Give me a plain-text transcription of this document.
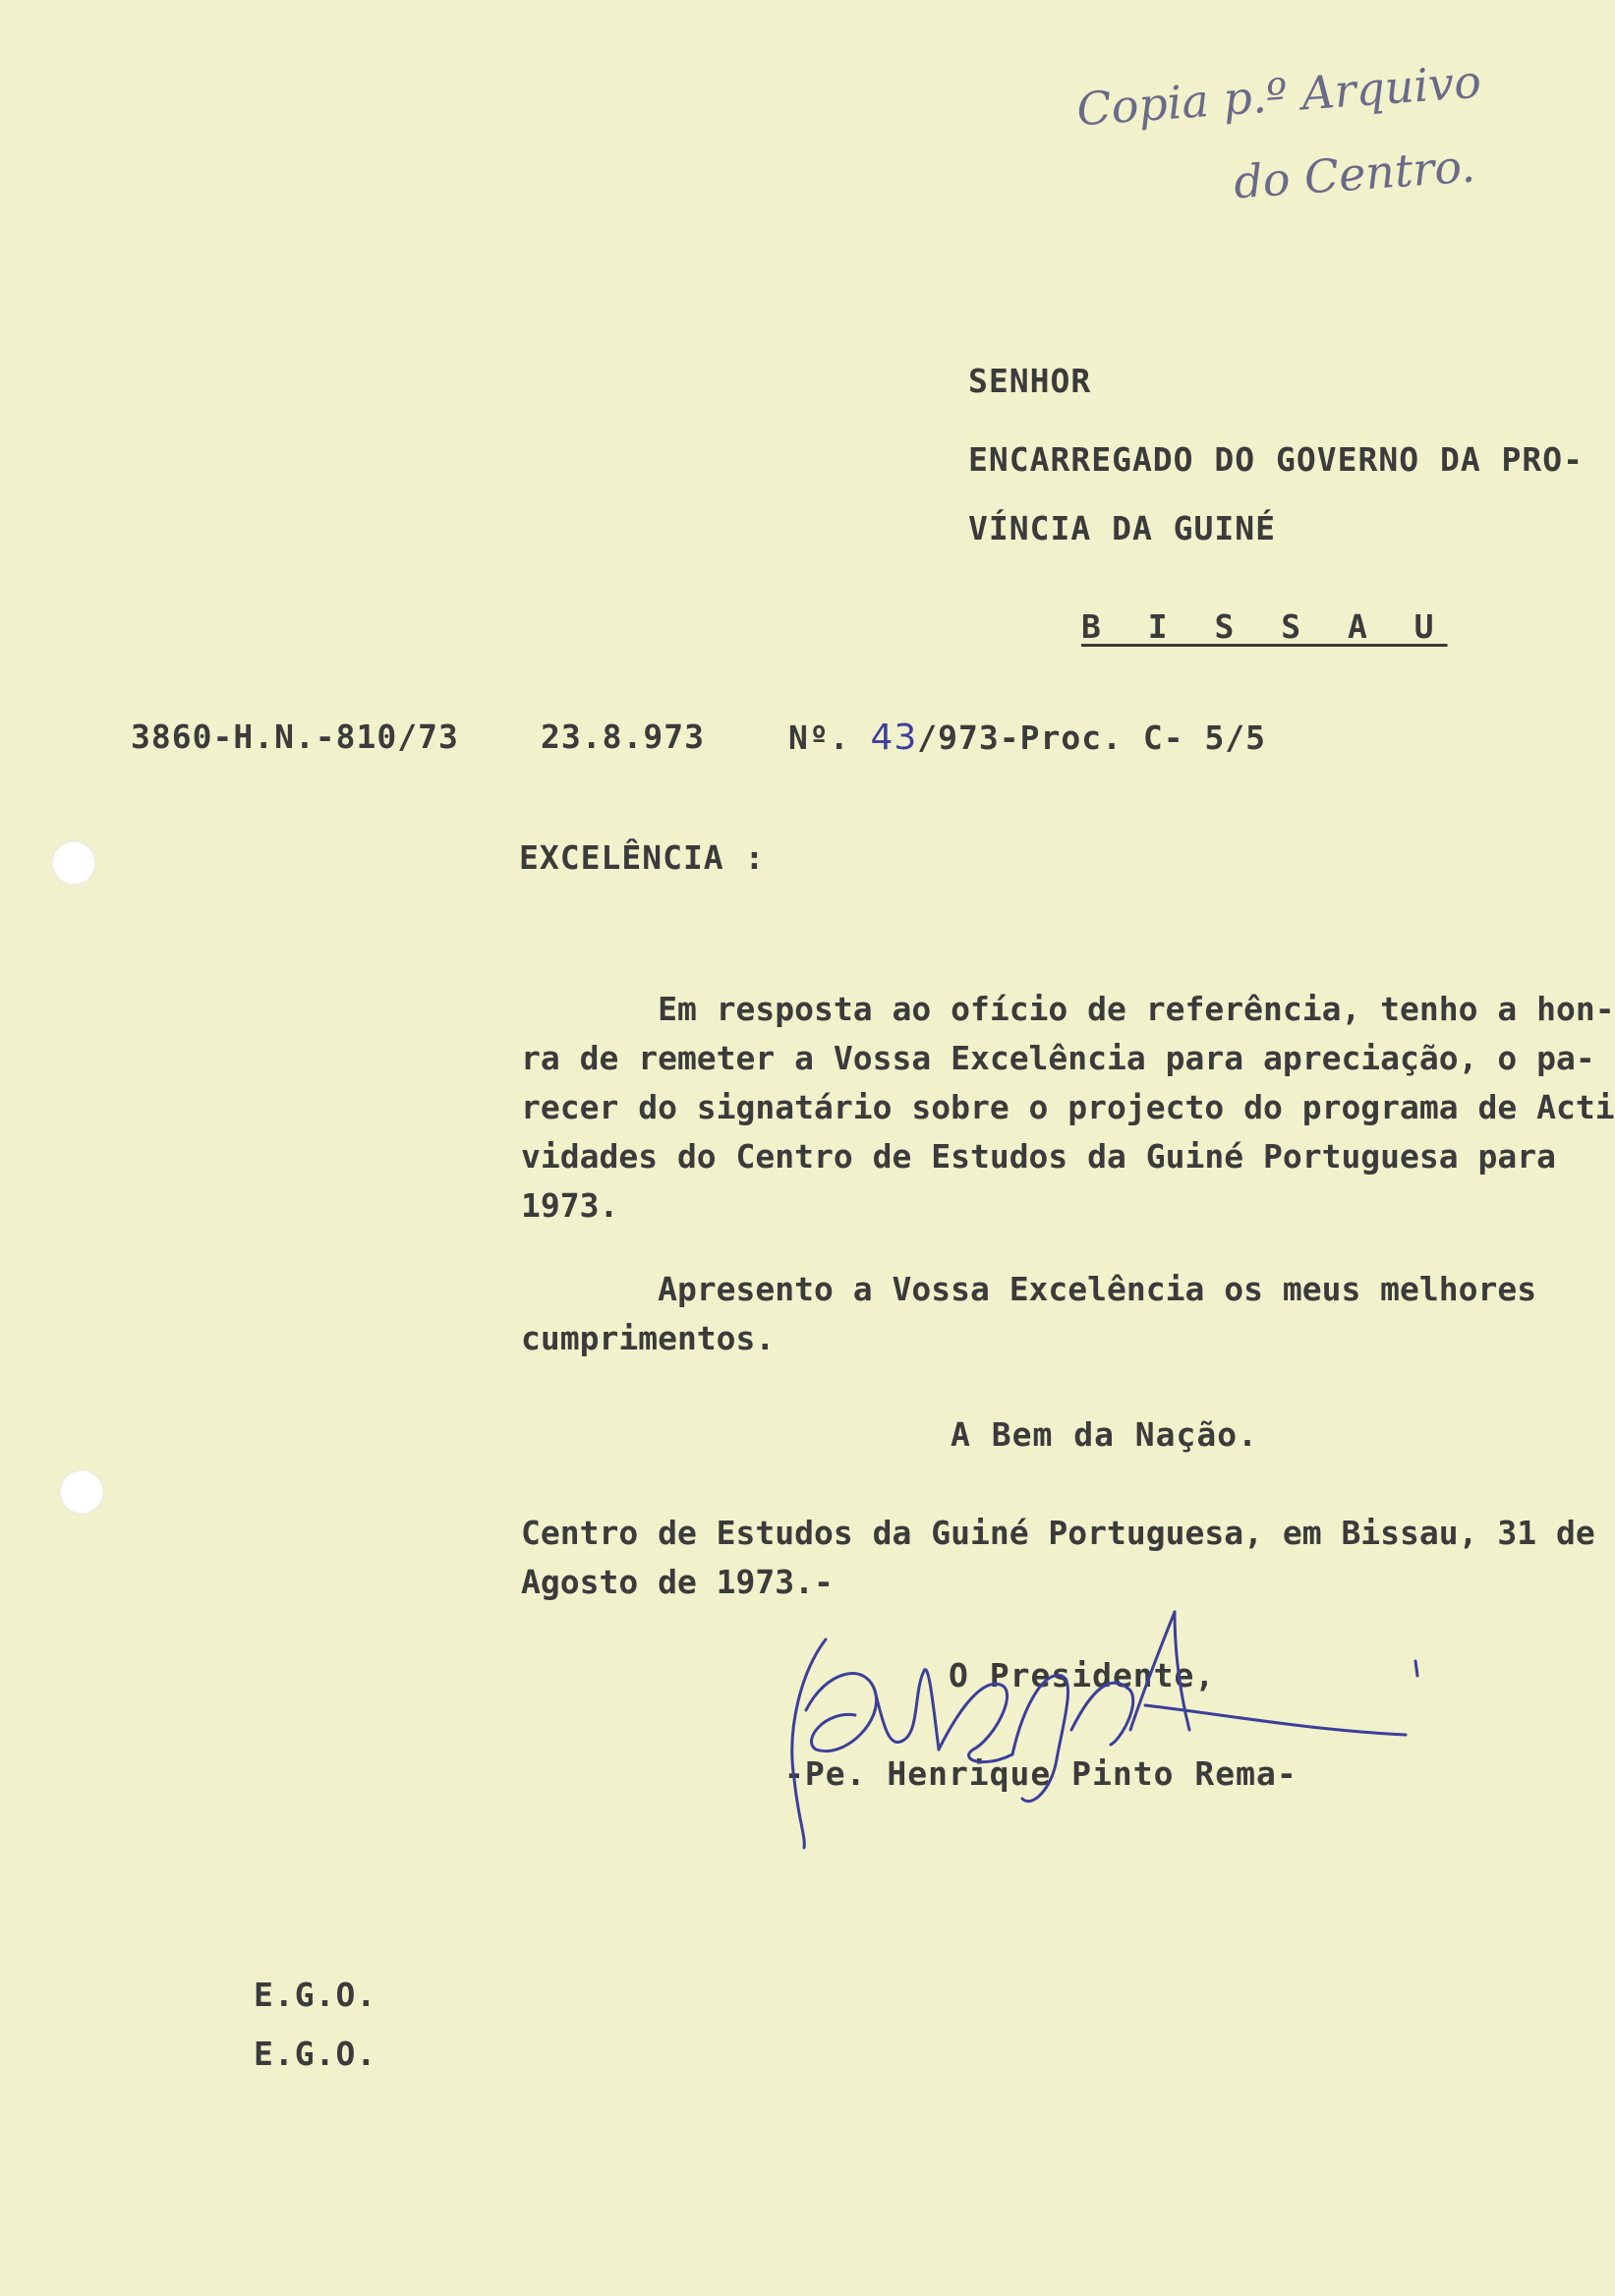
Copia p.º Arquivo
do Centro.
SENHOR
ENCARREGADO DO GOVERNO DA PRO-
VÍNCIA DA GUINÉ
B I S S A U
3860-H.N.-810/73	23.8.973	Nº. 43/973-Proc. C- 5/5
EXCELÊNCIA :
Em resposta ao ofício de referência, tenho a hon-
ra de remeter a Vossa Excelência para apreciação, o pa-
recer do signatário sobre o projecto do programa de Acti
vidades do Centro de Estudos da Guiné Portuguesa para
1973.
Apresento a Vossa Excelência os meus melhores
cumprimentos.
A Bem da Nação.
Centro de Estudos da Guiné Portuguesa, em Bissau, 31 de
Agosto de 1973.-
O Presidente,
-Pe. Henrique Pinto Rema-
E.G.O.
E.G.O.
